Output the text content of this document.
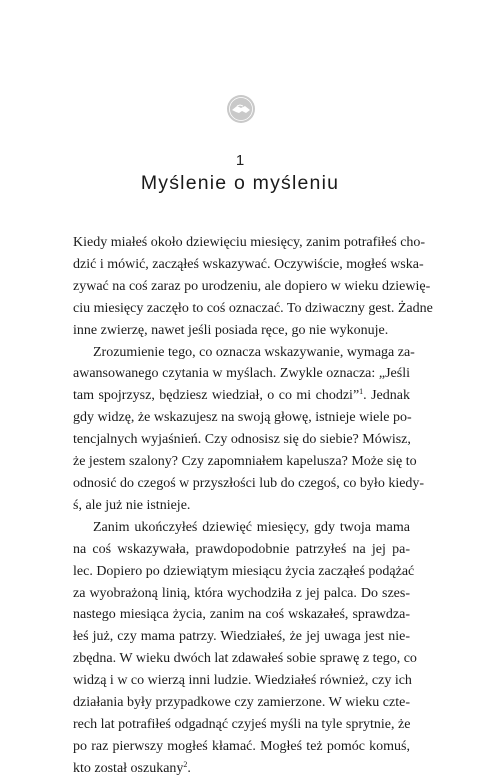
1
Myślenie o myśleniu
Kiedy miałeś około dziewięciu miesięcy, zanim potrafiłeś cho-
dzić i mówić, zacząłeś wskazywać. Oczywiście, mogłeś wska-
zywać na coś zaraz po urodzeniu, ale dopiero w wieku dziewię-
ciu miesięcy zaczęło to coś oznaczać. To dziwaczny gest. Żadne
inne zwierzę, nawet jeśli posiada ręce, go nie wykonuje.
Zrozumienie tego, co oznacza wskazywanie, wymaga za-
awansowanego czytania w myślach. Zwykle oznacza: „Jeśli
tam spojrzysz, będziesz wiedział, o co mi chodzi”$^1$. Jednak
gdy widzę, że wskazujesz na swoją głowę, istnieje wiele po-
tencjalnych wyjaśnień. Czy odnosisz się do siebie? Mówisz,
że jestem szalony? Czy zapomniałem kapelusza? Może się to
odnosić do czegoś w przyszłości lub do czegoś, co było kiedy-
ś, ale już nie istnieje.
Zanim ukończyłeś dziewięć miesięcy, gdy twoja mama
na coś wskazywała, prawdopodobnie patrzyłeś na jej pa-
lec. Dopiero po dziewiątym miesiącu życia zacząłeś podążać
za wyobrażoną linią, która wychodziła z jej palca. Do szes-
nastego miesiąca życia, zanim na coś wskazałeś, sprawdza-
łeś już, czy mama patrzy. Wiedziałeś, że jej uwaga jest nie-
zbędna. W wieku dwóch lat zdawałeś sobie sprawę z tego, co
widzą i w co wierzą inni ludzie. Wiedziałeś również, czy ich
działania były przypadkowe czy zamierzone. W wieku czte-
rech lat potrafiłeś odgadnąć czyjeś myśli na tyle sprytnie, że
po raz pierwszy mogłeś kłamać. Mogłeś też pomóc komuś,
kto został oszukany$^2$.
